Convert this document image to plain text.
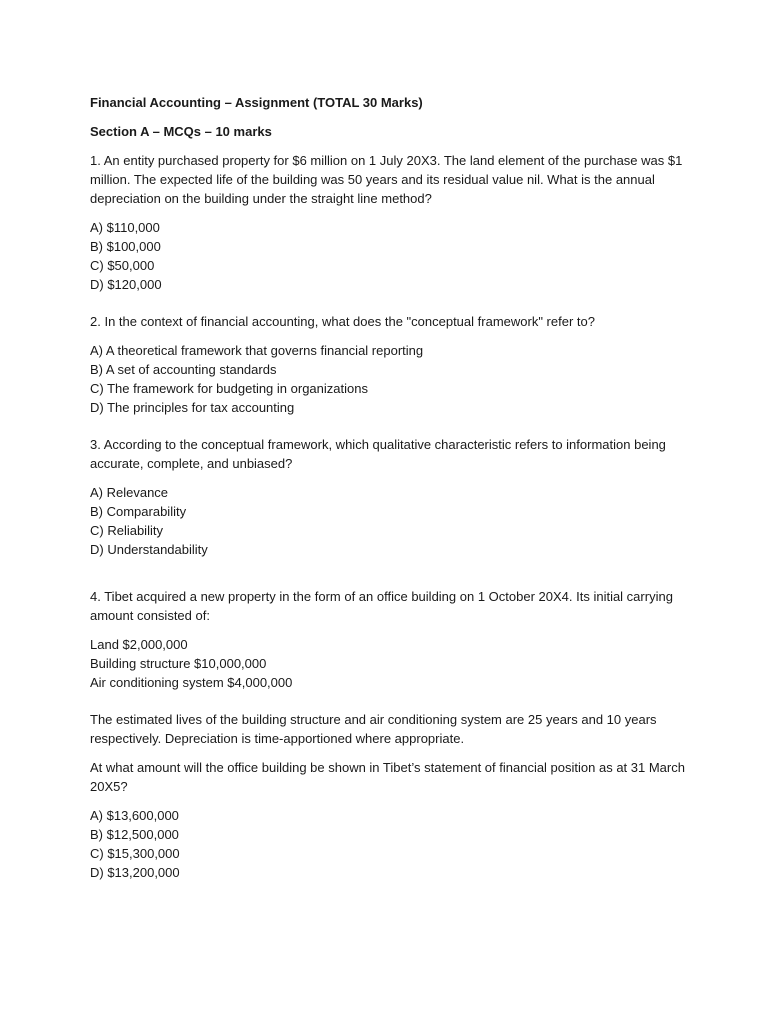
Financial Accounting – Assignment (TOTAL 30 Marks)

Section A – MCQs – 10 marks

1. An entity purchased property for $6 million on 1 July 20X3. The land element of the purchase was $1 million. The expected life of the building was 50 years and its residual value nil. What is the annual depreciation on the building under the straight line method?

A) $110,000
B) $100,000
C) $50,000
D) $120,000

2. In the context of financial accounting, what does the "conceptual framework" refer to?

A) A theoretical framework that governs financial reporting
B) A set of accounting standards
C) The framework for budgeting in organizations
D) The principles for tax accounting

3. According to the conceptual framework, which qualitative characteristic refers to information being accurate, complete, and unbiased?

A) Relevance
B) Comparability
C) Reliability
D) Understandability

4. Tibet acquired a new property in the form of an office building on 1 October 20X4. Its initial carrying amount consisted of:

Land $2,000,000
Building structure $10,000,000
Air conditioning system $4,000,000

The estimated lives of the building structure and air conditioning system are 25 years and 10 years respectively. Depreciation is time-apportioned where appropriate.

At what amount will the office building be shown in Tibet’s statement of financial position as at 31 March 20X5?

A) $13,600,000
B) $12,500,000
C) $15,300,000
D) $13,200,000
